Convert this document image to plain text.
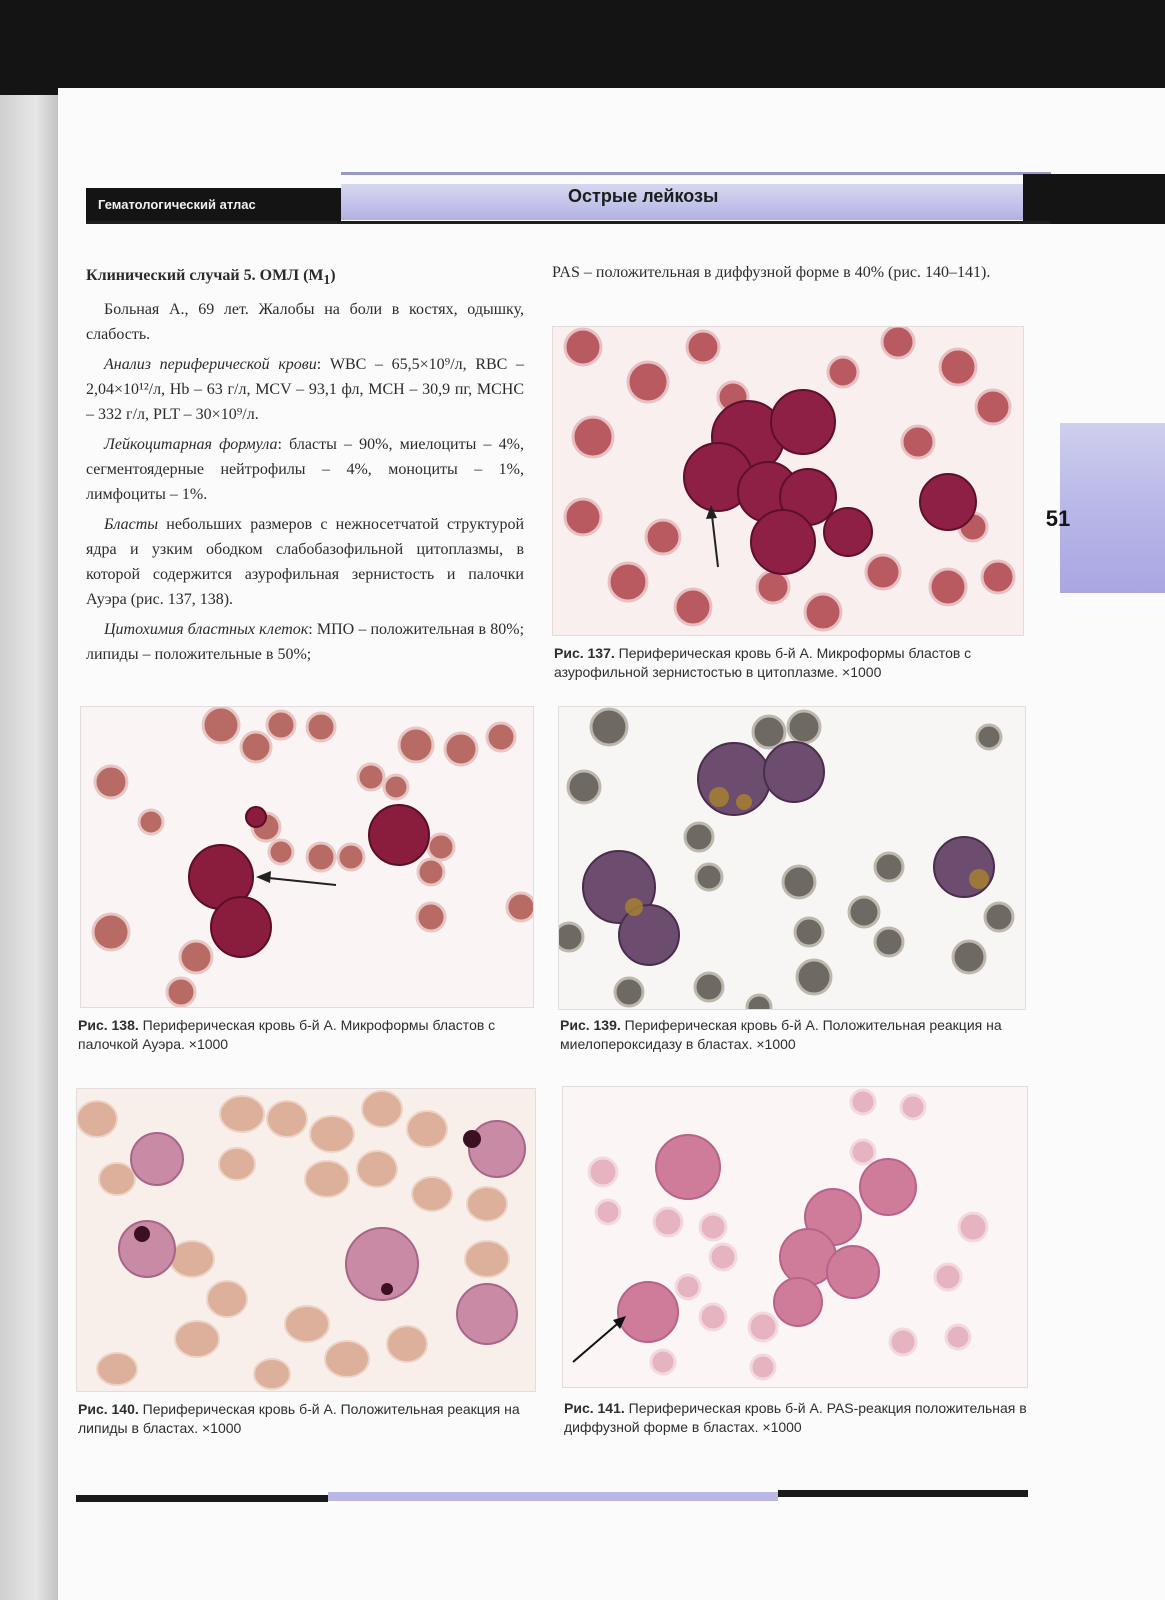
Гематологический атлас	Острые лейкозы
51

Клинический случай 5. ОМЛ $(М_1)$

Больная А., 69 лет. Жалобы на боли в костях, одышку, слабость.

Анализ периферической крови: WBC – 65,5×10⁹/л, RBC – 2,04×10¹²/л, Hb – 63 г/л, MCV – 93,1 фл, MCH – 30,9 пг, MCHC – 332 г/л, PLT – 30×10⁹/л.

Лейкоцитарная формула: бласты – 90%, миелоциты – 4%, сегментоядерные нейтрофилы – 4%, моноциты – 1%, лимфоциты – 1%.

Бласты небольших размеров с нежносетчатой структурой ядра и узким ободком слабобазофильной цитоплазмы, в которой содержится азурофильная зернистость и палочки Ауэра (рис. 137, 138).

Цитохимия бластных клеток: МПО – положительная в 80%; липиды – положительные в 50%;

PAS – положительная в диффузной форме в 40% (рис. 140–141).

Рис. 137. Периферическая кровь б-й А. Микроформы бластов с азурофильной зернистостью в цитоплазме. ×1000
Рис. 138. Периферическая кровь б-й А. Микроформы бластов с палочкой Ауэра. ×1000
Рис. 139. Периферическая кровь б-й А. Положительная реакция на миелопероксидазу в бластах. ×1000
Рис. 140. Периферическая кровь б-й А. Положительная реакция на липиды в бластах. ×1000
Рис. 141. Периферическая кровь б-й А. PAS-реакция положительная в диффузной форме в бластах. ×1000
